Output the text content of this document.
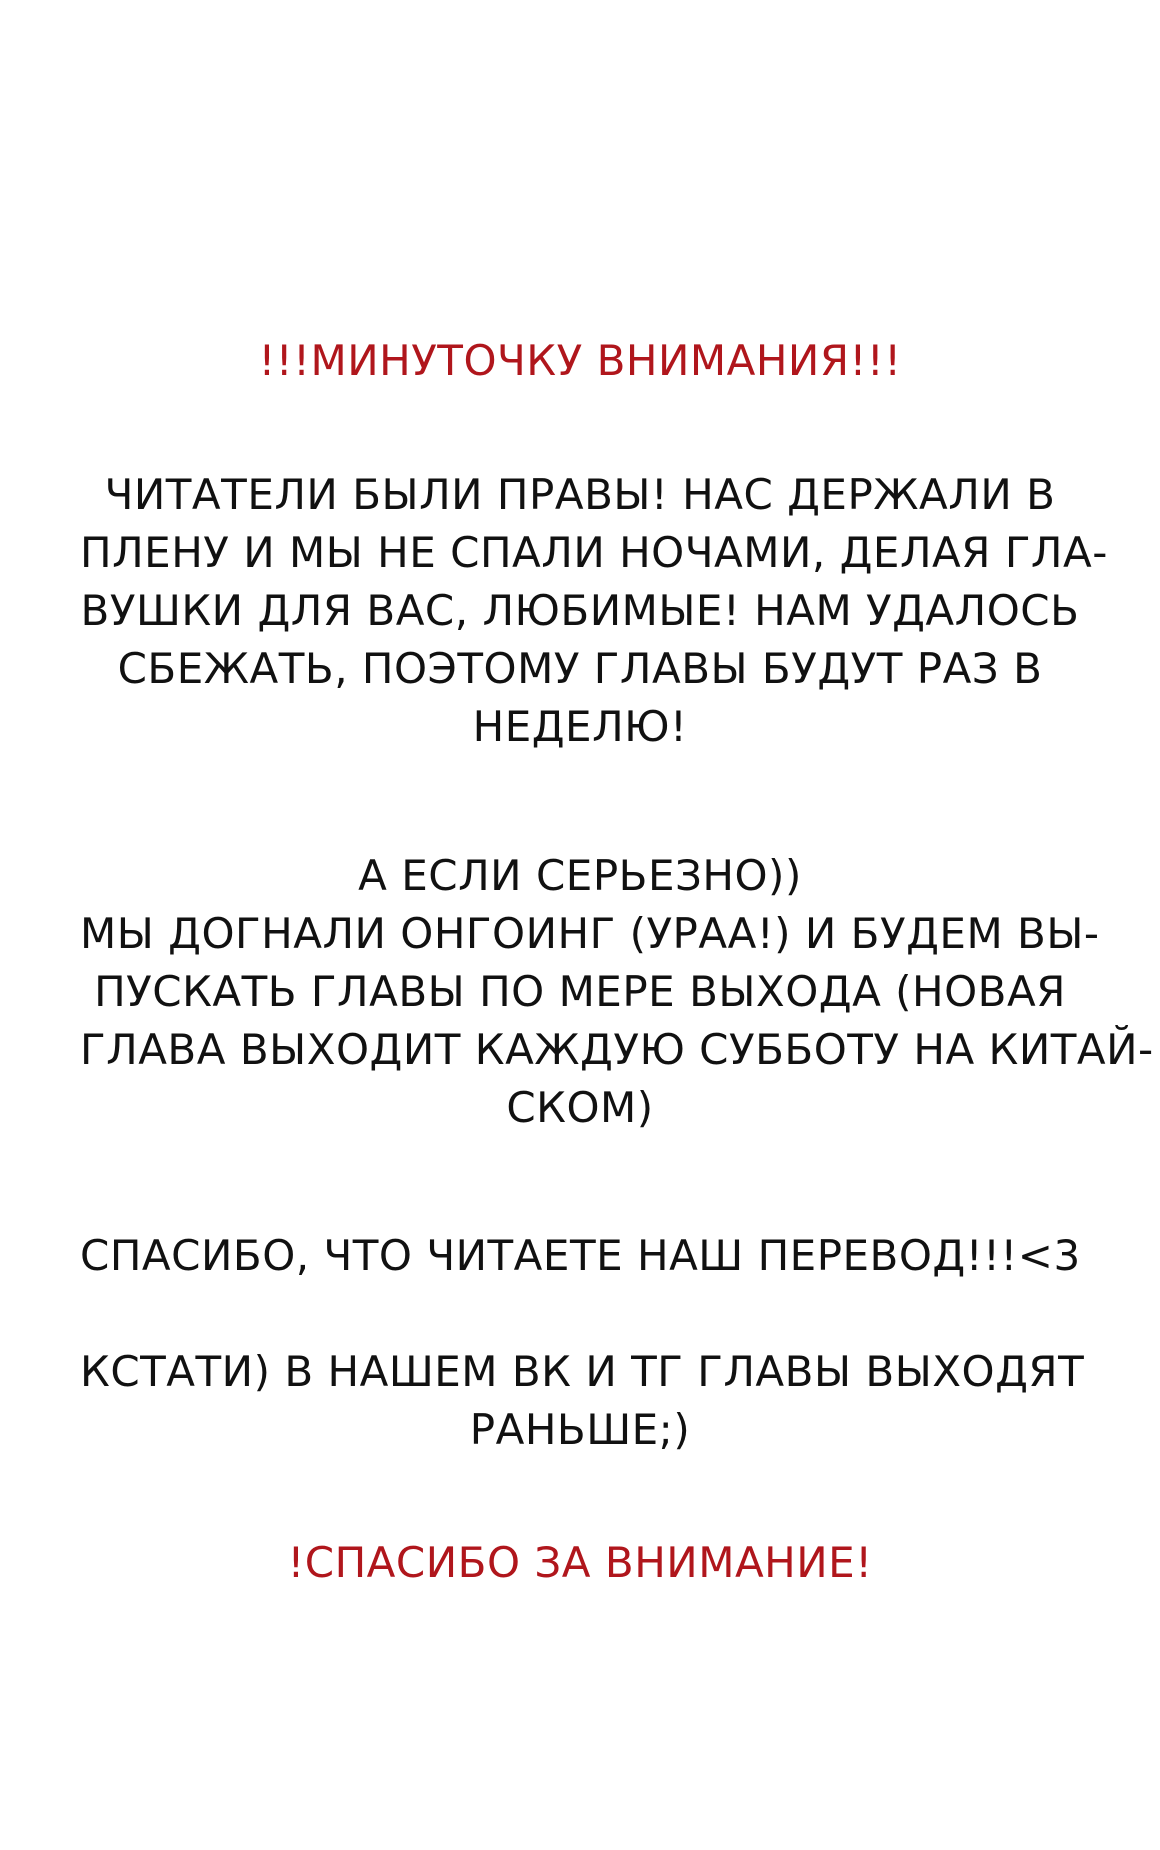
!!!МИНУТОЧКУ ВНИМАНИЯ!!!
ЧИТАТЕЛИ БЫЛИ ПРАВЫ! НАС ДЕРЖАЛИ В
ПЛЕНУ И МЫ НЕ СПАЛИ НОЧАМИ, ДЕЛАЯ ГЛА-
ВУШКИ ДЛЯ ВАС, ЛЮБИМЫЕ! НАМ УДАЛОСЬ
СБЕЖАТЬ, ПОЭТОМУ ГЛАВЫ БУДУТ РАЗ В
НЕДЕЛЮ!
А ЕСЛИ СЕРЬЕЗНО))
МЫ ДОГНАЛИ ОНГОИНГ (УРАА!) И БУДЕМ ВЫ-
ПУСКАТЬ ГЛАВЫ ПО МЕРЕ ВЫХОДА (НОВАЯ
ГЛАВА ВЫХОДИТ КАЖДУЮ СУББОТУ НА КИТАЙ-
СКОМ)
СПАСИБО, ЧТО ЧИТАЕТЕ НАШ ПЕРЕВОД!!!<3
КСТАТИ) В НАШЕМ ВК И ТГ ГЛАВЫ ВЫХОДЯТ
РАНЬШЕ;)
!СПАСИБО ЗА ВНИМАНИЕ!
